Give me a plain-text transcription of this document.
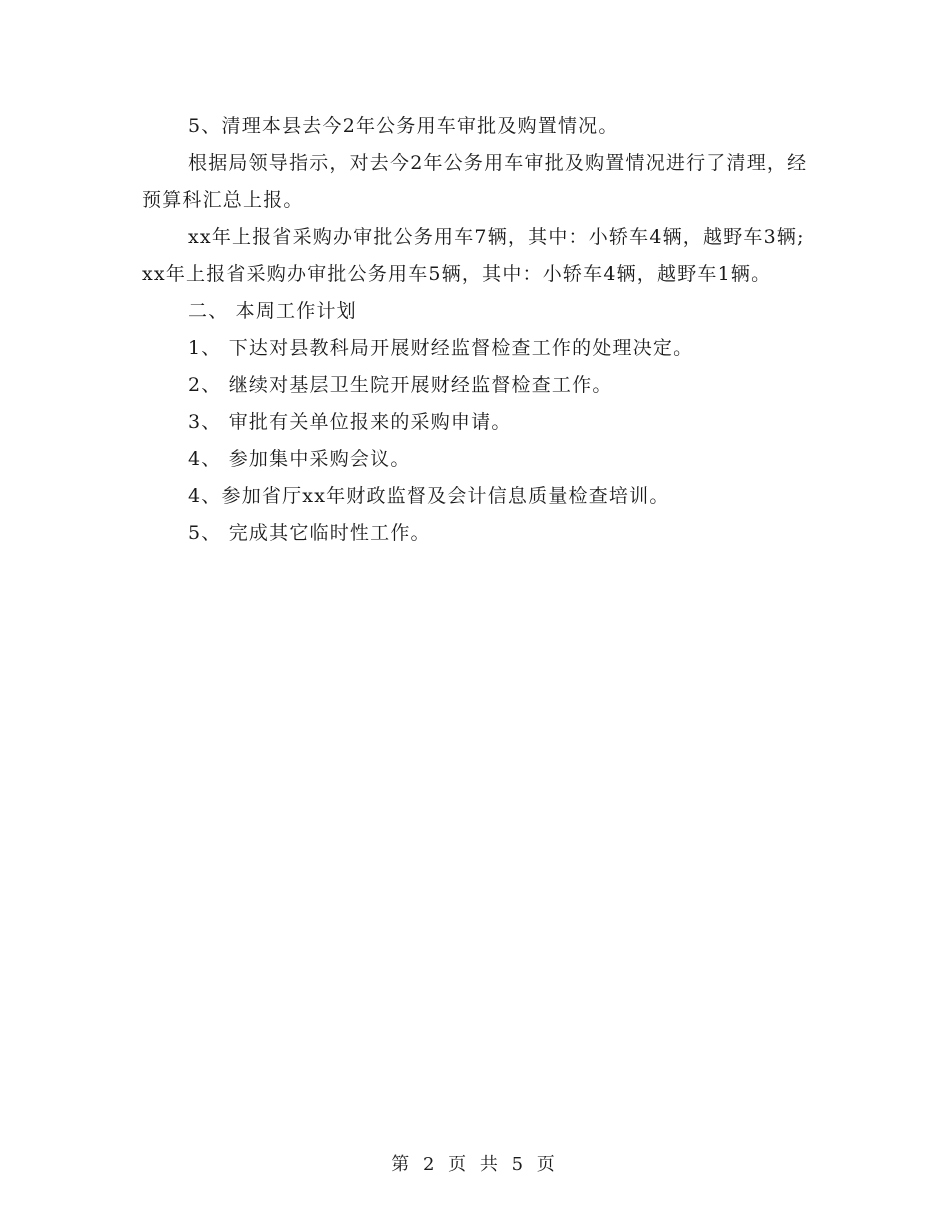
5、清理本县去今2年公务用车审批及购置情况。

根据局领导指示，对去今2年公务用车审批及购置情况进行了清理，经预算科汇总上报。

xx年上报省采购办审批公务用车7辆，其中：小轿车4辆，越野车3辆;xx年上报省采购办审批公务用车5辆，其中：小轿车4辆，越野车1辆。

二、 本周工作计划

1、 下达对县教科局开展财经监督检查工作的处理决定。

2、 继续对基层卫生院开展财经监督检查工作。

3、 审批有关单位报来的采购申请。

4、 参加集中采购会议。

4、参加省厅xx年财政监督及会计信息质量检查培训。

5、 完成其它临时性工作。

第 2 页 共 5 页
